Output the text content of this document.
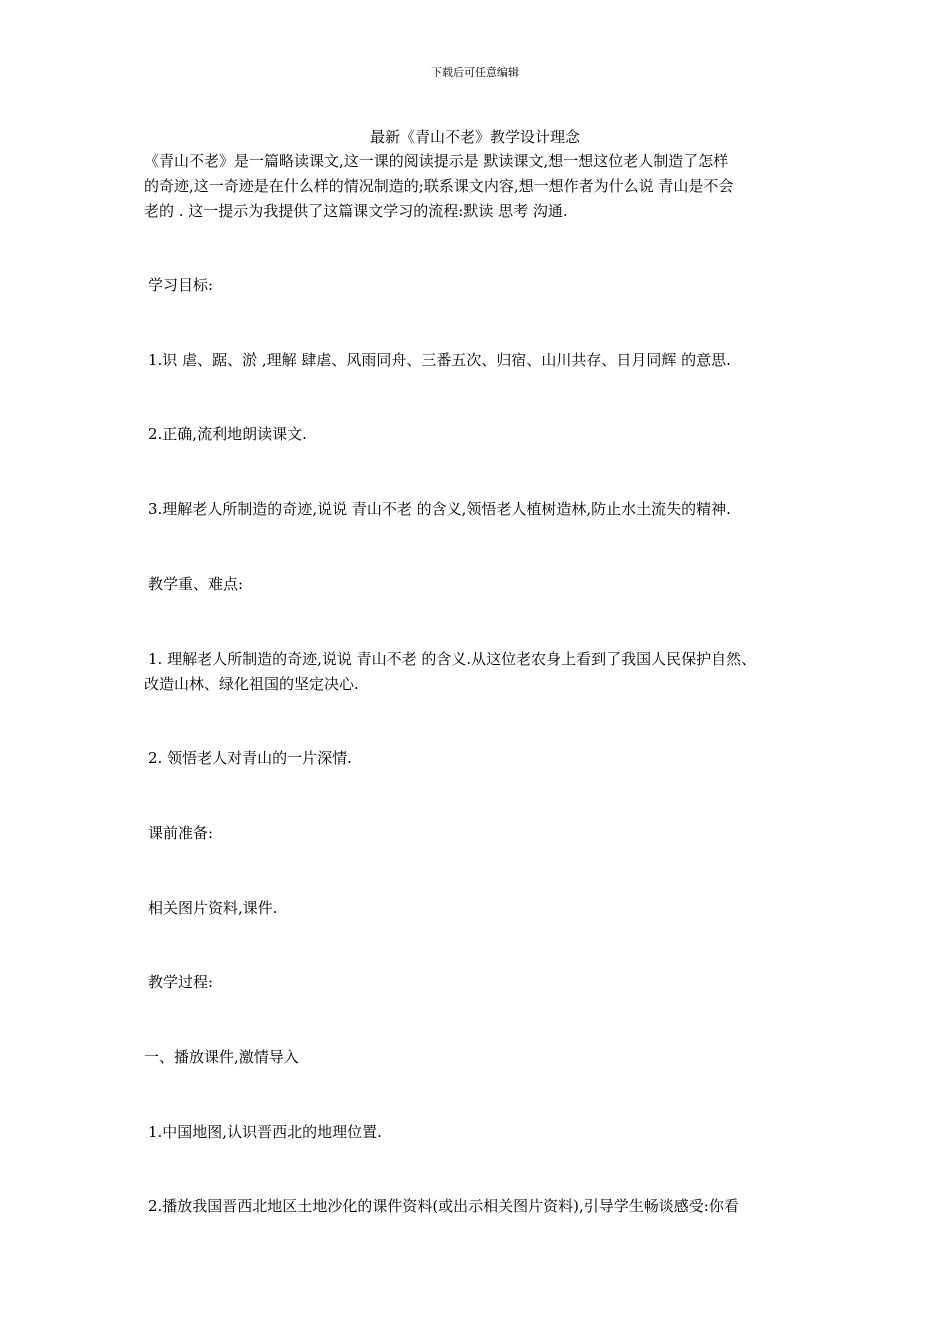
下载后可任意编辑
最新《青山不老》教学设计理念
《青山不老》是一篇略读课文,这一课的阅读提示是 默读课文,想一想这位老人制造了怎样
的奇迹,这一奇迹是在什么样的情况制造的;联系课文内容,想一想作者为什么说 青山是不会
老的 . 这一提示为我提供了这篇课文学习的流程:默读 思考 沟通.
学习目标:
1.识 虐、踞、淤 ,理解 肆虐、风雨同舟、三番五次、归宿、山川共存、日月同辉 的意思.
2.正确,流利地朗读课文.
3.理解老人所制造的奇迹,说说 青山不老 的含义,领悟老人植树造林,防止水土流失的精神.
教学重、难点:
1. 理解老人所制造的奇迹,说说 青山不老 的含义.从这位老农身上看到了我国人民保护自然、
改造山林、绿化祖国的坚定决心.
2. 领悟老人对青山的一片深情.
课前准备:
相关图片资料,课件.
教学过程:
一、播放课件,激情导入
1.中国地图,认识晋西北的地理位置.
2.播放我国晋西北地区土地沙化的课件资料(或出示相关图片资料),引导学生畅谈感受:你看
